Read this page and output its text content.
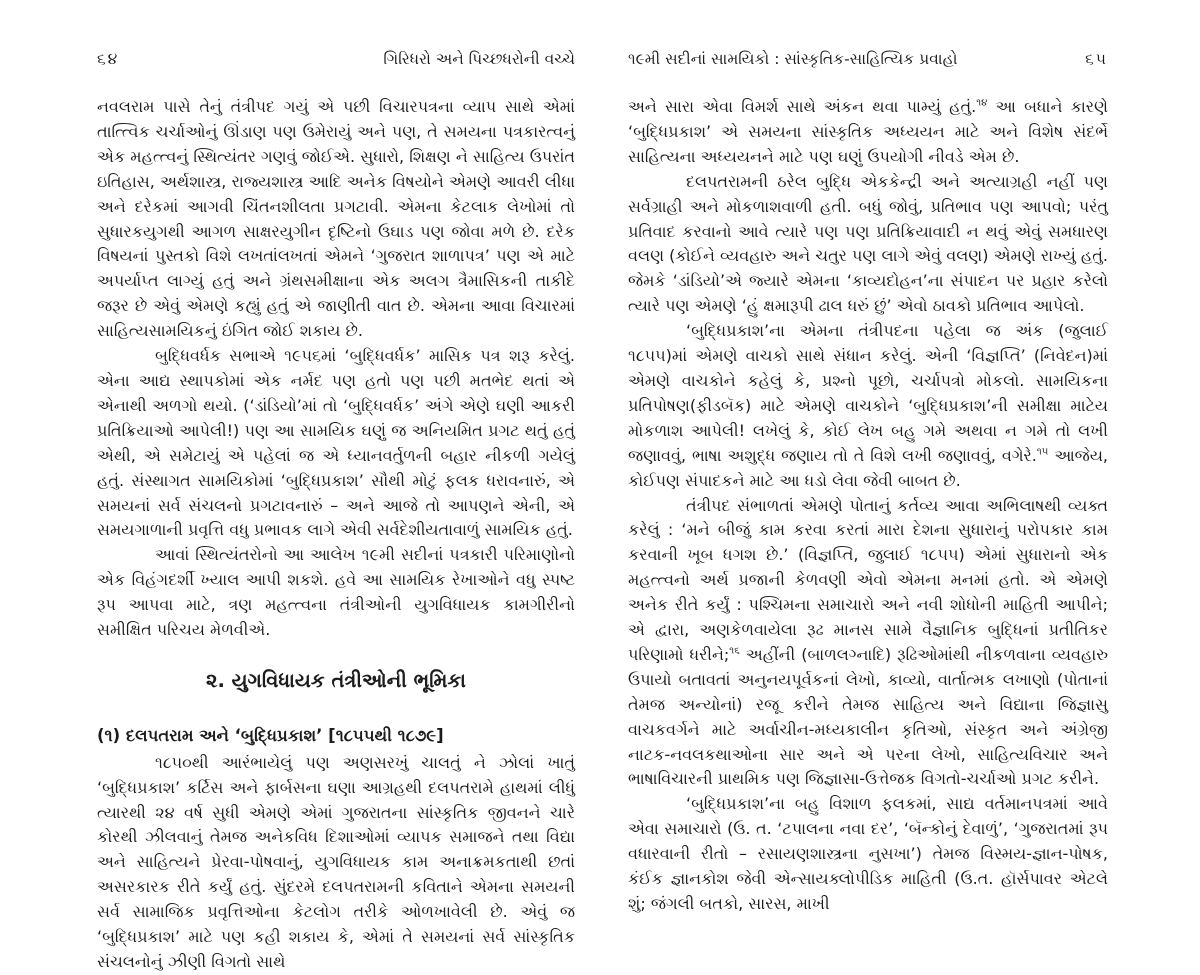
૬૪	ગિરિધરો અને પિચ્છધરોની વચ્ચે

નવલરામ પાસે તેનું તંત્રીપદ ગયું એ પછી વિચારપત્રના વ્યાપ સાથે એમાં તાત્ત્વિક ચર્ચાઓનું ઊંડાણ પણ ઉમેરાયું અને પણ, તે સમયના પત્રકારત્વનું એક મહત્ત્વનું સ્થિત્યંતર ગણવું જોઈએ. સુધારો, શિક્ષણ ને સાહિત્ય ઉપરાંત ઇતિહાસ, અર્થશાસ્ત્ર, રાજ્યશાસ્ત્ર આદિ અનેક વિષયોને એમણે આવરી લીધા અને દરેકમાં આગવી ચિંતનશીલતા પ્રગટાવી. એમના કેટલાક લેખોમાં તો સુધારકયુગથી આગળ સાક્ષરયુગીન દૃષ્ટિનો ઉઘાડ પણ જોવા મળે છે. દરેક વિષયનાં પુસ્તકો વિશે લખતાંલખતાં એમને ‘ગુજરાત શાળાપત્ર’ પણ એ માટે અપર્યાપ્ત લાગ્યું હતું અને ગ્રંથસમીક્ષાના એક અલગ ત્રૈમાસિકની તાકીદે જરૂર છે એવું એમણે કહ્યું હતું એ જાણીતી વાત છે. એમના આવા વિચારમાં સાહિત્યસામયિકનું ઇંગિત જોઈ શકાય છે.

બુદ્ધિવર્ધક સભાએ ૧૯૫૬માં ‘બુદ્ધિવર્ધક’ માસિક પત્ર શરૂ કરેલું. એના આદ્ય સ્થાપકોમાં એક નર્મદ પણ હતો પણ પછી મતભેદ થતાં એ એનાથી અળગો થયો. (‘ડાંડિયો’માં તો ‘બુદ્ધિવર્ધક’ અંગે એણે ઘણી આકરી પ્રતિક્રિયાઓ આપેલી!) પણ આ સામયિક ઘણું જ અનિયમિત પ્રગટ થતું હતું એથી, એ સમેટાયું એ પહેલાં જ એ ધ્યાનવર્તુળની બહાર નીકળી ગયેલું હતું. સંસ્થાગત સામયિકોમાં ‘બુદ્ધિપ્રકાશ’ સૌથી મોટું ફલક ધરાવનારું, એ સમયનાં સર્વ સંચલનો પ્રગટાવનારું – અને આજે તો આપણને એની, એ સમયગાળાની પ્રવૃત્તિ વધુ પ્રભાવક લાગે એવી સર્વદેશીયતાવાળું સામયિક હતું.

આવાં સ્થિત્યંતરોનો આ આલેખ ૧૯મી સદીનાં પત્રકારી પરિમાણોનો એક વિહંગદર્શી ખ્યાલ આપી શકશે. હવે આ સામયિક રેખાઓને વધુ સ્પષ્ટ રૂપ આપવા માટે, ત્રણ મહત્ત્વના તંત્રીઓની યુગવિધાયક કામગીરીનો સમીક્ષિત પરિચય મેળવીએ.

૨. યુગવિધાયક તંત્રીઓની ભૂમિકા
(૧) દલપતરામ અને ‘બુદ્ધિપ્રકાશ’ [૧૮૫૫થી ૧૮૭૯]

૧૮૫૦થી આરંભાયેલું પણ અણસરખું ચાલતું ને ઝોલાં ખાતું ‘બુદ્ધિપ્રકાશ’ કર્ટિસ અને ફાર્બસના ઘણા આગ્રહથી દલપતરામે હાથમાં લીધું ત્યારથી ૨૪ વર્ષ સુધી એમણે એમાં ગુજરાતના સાંસ્કૃતિક જીવનને ચારે કોરથી ઝીલવાનું તેમજ અનેકવિધ દિશાઓમાં વ્યાપક સમાજને તથા વિદ્યા અને સાહિત્યને પ્રેરવા-પોષવાનું, યુગવિધાયક કામ અનાક્રમકતાથી છતાં અસરકારક રીતે કર્યું હતું. સુંદરમે દલપતરામની કવિતાને એમના સમયની સર્વ સામાજિક પ્રવૃત્તિઓના કેટલોગ તરીકે ઓળખાવેલી છે. એવું જ ‘બુદ્ધિપ્રકાશ’ માટે પણ કહી શકાય કે, એમાં તે સમયનાં સર્વ સાંસ્કૃતિક સંચલનોનું ઝીણી વિગતો સાથે

૧૯મી સદીનાં સામયિકો : સાંસ્કૃતિક-સાહિત્યિક પ્રવાહો	૬૫

અને સારા એવા વિમર્શ સાથે અંકન થવા પામ્યું હતું.$^{૧૪}$ આ બધાને કારણે ‘બુદ્ધિપ્રકાશ’ એ સમયના સાંસ્કૃતિક અધ્યયન માટે અને વિશેષ સંદર્ભે સાહિત્યના અધ્યયનને માટે પણ ઘણું ઉપયોગી નીવડે એમ છે.

દલપતરામની ઠરેલ બુદ્ધિ એકકેન્દ્રી અને અત્યાગ્રહી નહીં પણ સર્વગ્રાહી અને મોકળાશવાળી હતી. બધું જોવું, પ્રતિભાવ પણ આપવો; પરંતુ પ્રતિવાદ કરવાનો આવે ત્યારે પણ પણ પ્રતિક્રિયાવાદી ન થવું એવું સમધારણ વલણ (કોઈને વ્યવહારુ અને ચતુર પણ લાગે એવું વલણ) એમણે રાખ્યું હતું. જેમકે ‘ડાંડિયો’એ જ્યારે એમના ‘કાવ્યદોહન’ના સંપાદન પર પ્રહાર કરેલો ત્યારે પણ એમણે ‘હું ક્ષમારૂપી ઢાલ ધરું છું’ એવો ઠાવકો પ્રતિભાવ આપેલો.

‘બુદ્ધિપ્રકાશ’ના એમના તંત્રીપદના પહેલા જ અંક (જુલાઈ ૧૮૫૫)માં એમણે વાચકો સાથે સંધાન કરેલું. એની ‘વિજ્ઞપ્તિ’ (નિવેદન)માં એમણે વાચકોને કહેલું કે, પ્રશ્નો પૂછો, ચર્ચાપત્રો મોકલો. સામયિકના પ્રતિપોષણ(ફીડબૅક) માટે એમણે વાચકોને ‘બુદ્ધિપ્રકાશ’ની સમીક્ષા માટેય મોકળાશ આપેલી! લખેલું કે, કોઈ લેખ બહુ ગમે અથવા ન ગમે તો લખી જણાવવું, ભાષા અશુદ્ધ જણાય તો તે વિશે લખી જણાવવું, વગેરે.$^{૧૫}$ આજેય, કોઈપણ સંપાદકને માટે આ ધડો લેવા જેવી બાબત છે.

તંત્રીપદ સંભાળતાં એમણે પોતાનું કર્તવ્ય આવા અભિલાષથી વ્યક્ત કરેલું : ‘મને બીજું કામ કરવા કરતાં મારા દેશના સુધારાનું પરોપકાર કામ કરવાની ખૂબ ધગશ છે.’ (વિજ્ઞપ્તિ, જુલાઈ ૧૮૫૫) એમાં સુધારાનો એક મહત્ત્વનો અર્થ પ્રજાની કેળવણી એવો એમના મનમાં હતો. એ એમણે અનેક રીતે કર્યું : પશ્ચિમના સમાચારો અને નવી શોધોની માહિતી આપીને; એ દ્વારા, અણકેળવાયેલા રૂઢ માનસ સામે વૈજ્ઞાનિક બુદ્ધિનાં પ્રતીતિકર પરિણામો ધરીને;$^{૧૬}$ અહીંની (બાળલગ્નાદિ) રૂઢિઓમાંથી નીકળવાના વ્યવહારુ ઉપાયો બતાવતાં અનુનયપૂર્વકનાં લેખો, કાવ્યો, વાર્તાત્મક લખાણો (પોતાનાં તેમજ અન્યોનાં) રજૂ કરીને તેમજ સાહિત્ય અને વિદ્યાના જિજ્ઞાસુ વાચકવર્ગને માટે અર્વાચીન-મધ્યકાલીન કૃતિઓ, સંસ્કૃત અને અંગ્રેજી નાટક-નવલકથાઓના સાર અને એ પરના લેખો, સાહિત્યવિચાર અને ભાષાવિચારની પ્રાથમિક પણ જિજ્ઞાસા-ઉત્તેજક વિગતો-ચર્ચાઓ પ્રગટ કરીને.

‘બુદ્ધિપ્રકાશ’ના બહુ વિશાળ ફલકમાં, સાદ્ય વર્તમાનપત્રમાં આવે એવા સમાચારો (ઉ. ત. ‘ટપાલના નવા દર’, ‘બૅન્કોનું દેવાળું’, ‘ગુજરાતમાં રૂપ વધારવાની રીતો – રસાયણશાસ્ત્રના નુસખા’) તેમજ વિસ્મય-જ્ઞાન-પોષક, કંઈક જ્ઞાનકોશ જેવી એન્સાયક્લોપીડિક માહિતી (ઉ.ત. હૉર્સપાવર એટલે શું; જંગલી બતકો, સારસ, માખી
